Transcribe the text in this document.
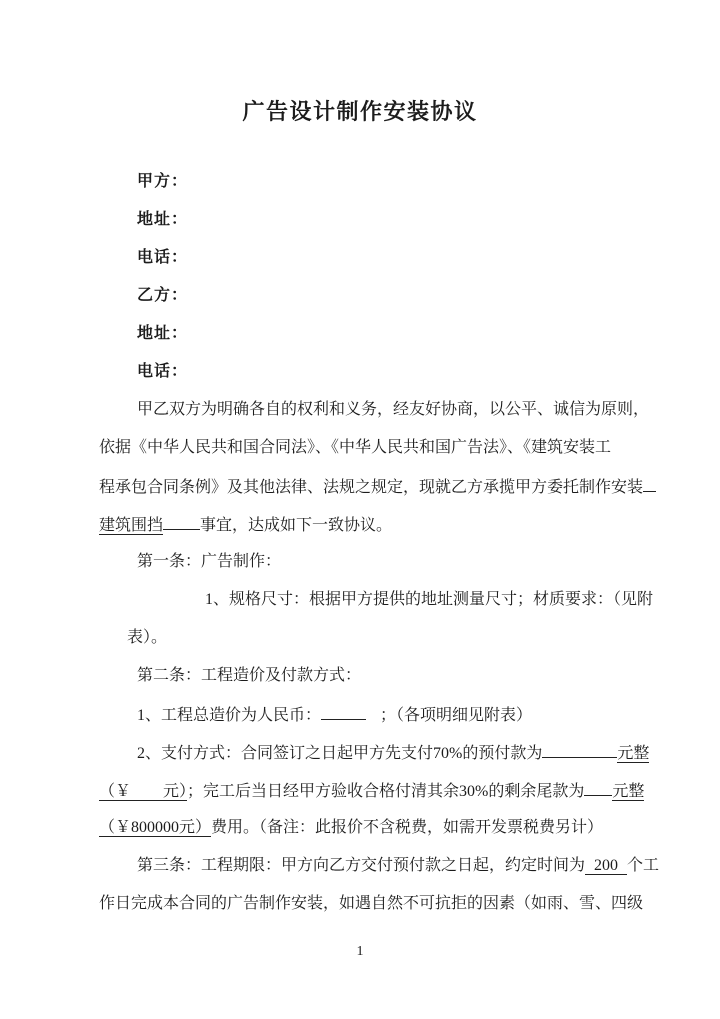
广告设计制作安装协议
甲方：
地址：
电话：
乙方：
地址：
电话：
甲乙双方为明确各自的权利和义务，经友好协商，以公平、诚信为原则，
依据《中华人民共和国合同法》、《中华人民共和国广告法》、《建筑安装工
程承包合同条例》及其他法律、法规之规定，现就乙方承揽甲方委托制作安装
建筑围挡 事宜，达成如下一致协议。
第一条：广告制作：
1、规格尺寸：根据甲方提供的地址测量尺寸；材质要求：（见附
表）。
第二条：工程造价及付款方式：
1、工程总造价为人民币：	；（各项明细见附表）
2、支付方式：合同签订之日起甲方先支付70%的预付款为	元整
（￥　　元）；完工后当日经甲方验收合格付清其余30%的剩余尾款为 元整
（￥800000元）费用。（备注：此报价不含税费，如需开发票税费另计）
第三条：工程期限：甲方向乙方交付预付款之日起，约定时间为 200 个工
作日完成本合同的广告制作安装，如遇自然不可抗拒的因素（如雨、雪、四级
1
